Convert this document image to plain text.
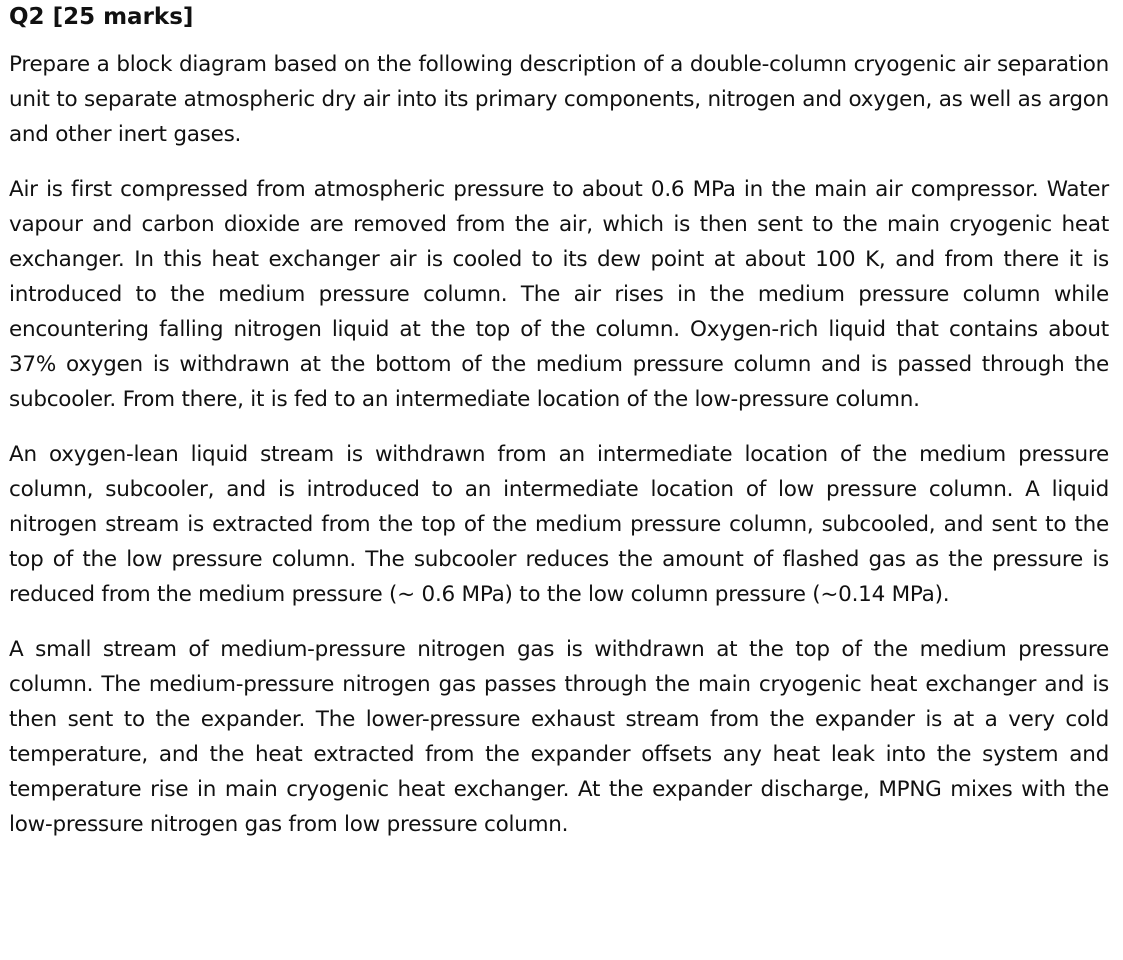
Q2 [25 marks]

Prepare a block diagram based on the following description of a double-column cryogenic air separation unit to separate atmospheric dry air into its primary components, nitrogen and oxygen, as well as argon and other inert gases.

Air is first compressed from atmospheric pressure to about 0.6 MPa in the main air compressor. Water vapour and carbon dioxide are removed from the air, which is then sent to the main cryogenic heat exchanger. In this heat exchanger air is cooled to its dew point at about 100 K, and from there it is introduced to the medium pressure column. The air rises in the medium pressure column while encountering falling nitrogen liquid at the top of the column. Oxygen-rich liquid that contains about 37% oxygen is withdrawn at the bottom of the medium pressure column and is passed through the subcooler. From there, it is fed to an intermediate location of the low-pressure column.

An oxygen-lean liquid stream is withdrawn from an intermediate location of the medium pressure column, subcooler, and is introduced to an intermediate location of low pressure column. A liquid nitrogen stream is extracted from the top of the medium pressure column, subcooled, and sent to the top of the low pressure column. The subcooler reduces the amount of flashed gas as the pressure is reduced from the medium pressure (~ 0.6 MPa) to the low column pressure (~0.14 MPa).

A small stream of medium-pressure nitrogen gas is withdrawn at the top of the medium pressure column. The medium-pressure nitrogen gas passes through the main cryogenic heat exchanger and is then sent to the expander. The lower-pressure exhaust stream from the expander is at a very cold temperature, and the heat extracted from the expander offsets any heat leak into the system and temperature rise in main cryogenic heat exchanger. At the expander discharge, MPNG mixes with the low-pressure nitrogen gas from low pressure column.
